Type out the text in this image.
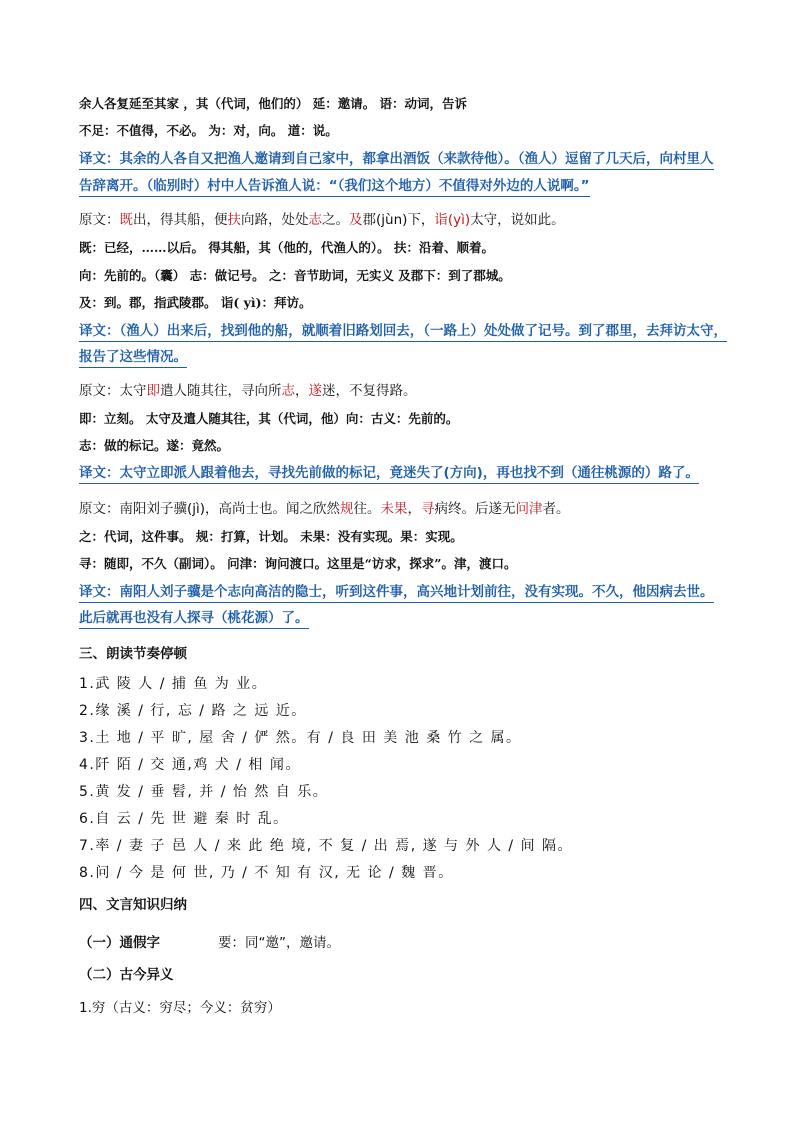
余人各复延至其家 ，其（代词，他们的） 延：邀请。 语：动词，告诉
不足：不值得，不必。 为：对，向。 道：说。
译文：其余的人各自又把渔人邀请到自己家中，都拿出酒饭（来款待他）。（渔人）逗留了几天后，向村里人
告辞离开。（临别时）村中人告诉渔人说：“（我们这个地方）不值得对外边的人说啊。”
原文：既出，得其船，便扶向路，处处志之。及郡(jùn)下，诣(yì)太守，说如此。
既：已经，……以后。 得其船，其（他的，代渔人的）。 扶：沿着、顺着。
向：先前的。（囊） 志：做记号。 之：音节助词，无实义 及郡下：到了郡城。
及：到。郡，指武陵郡。 诣( yì)：拜访。
译文：（渔人）出来后，找到他的船，就顺着旧路划回去，（一路上）处处做了记号。到了郡里，去拜访太守，
报告了这些情况。
原文：太守即遣人随其往，寻向所志，遂迷，不复得路。
即：立刻。 太守及遣人随其往，其（代词，他）向：古义：先前的。
志：做的标记。遂：竟然。
译文：太守立即派人跟着他去，寻找先前做的标记，竟迷失了(方向)，再也找不到（通往桃源的）路了。
原文：南阳刘子骥(jì)，高尚士也。闻之欣然规往。未果，寻病终。后遂无问津者。
之：代词，这件事。 规：打算，计划。 未果：没有实现。果：实现。
寻：随即，不久（副词）。 问津：询问渡口。这里是“访求，探求”。津，渡口。
译文：南阳人刘子骥是个志向高洁的隐士，听到这件事，高兴地计划前往，没有实现。不久，他因病去世。
此后就再也没有人探寻（桃花源）了。
三、朗读节奏停顿
1.武 陵 人 / 捕 鱼 为 业。
2.缘 溪 / 行, 忘 / 路 之 远 近。
3.土 地 / 平 旷, 屋 舍 / 俨 然。有 / 良 田 美 池 桑 竹 之 属。
4.阡 陌 / 交 通,鸡 犬 / 相 闻。
5.黄 发 / 垂 髫, 并 / 怡 然 自 乐。
6.自 云 / 先 世 避 秦 时 乱。
7.率 / 妻 子 邑 人 / 来 此 绝 境, 不 复 / 出 焉, 遂 与 外 人 / 间 隔。
8.问 / 今 是 何 世, 乃 / 不 知 有 汉, 无 论 / 魏 晋。
四、文言知识归纳
（一）通假字	要：同“邀”，邀请。
（二）古今异义
1.穷（古义：穷尽；今义：贫穷）
